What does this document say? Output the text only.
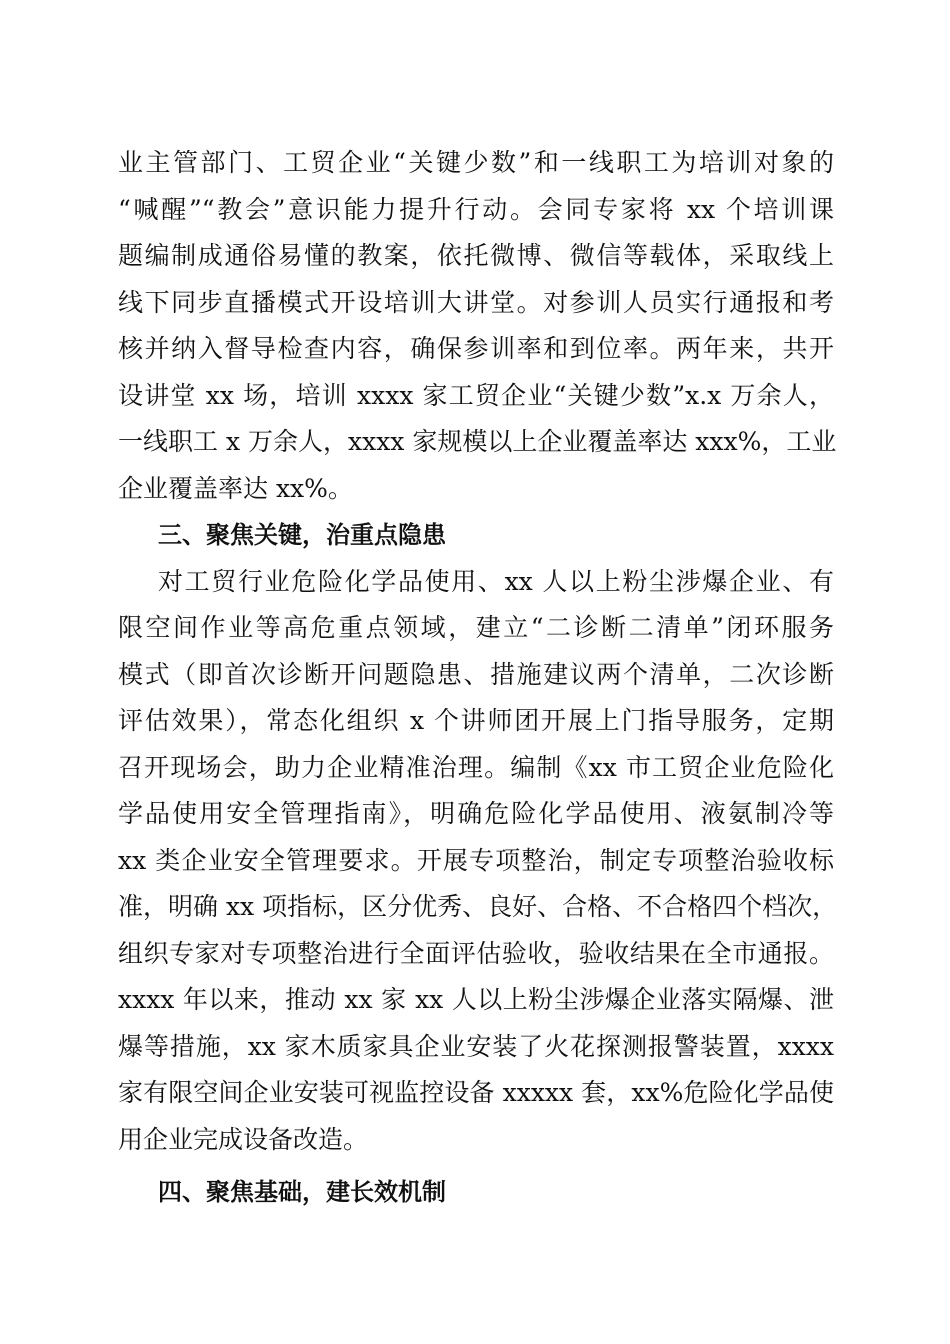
业主管部门、工贸企业“关键少数”和一线职工为培训对象的
“喊醒”“教会”意识能力提升行动。会同专家将 xx 个培训课
题编制成通俗易懂的教案，依托微博、微信等载体，采取线上
线下同步直播模式开设培训大讲堂。对参训人员实行通报和考
核并纳入督导检查内容，确保参训率和到位率。两年来，共开
设讲堂 xx 场，培训 xxxx 家工贸企业“关键少数”x.x 万余人，
一线职工 x 万余人，xxxx 家规模以上企业覆盖率达 xxx%，工业
企业覆盖率达 xx%。
三、聚焦关键，治重点隐患
对工贸行业危险化学品使用、xx 人以上粉尘涉爆企业、有
限空间作业等高危重点领域，建立“二诊断二清单”闭环服务
模式（即首次诊断开问题隐患、措施建议两个清单，二次诊断
评估效果），常态化组织 x 个讲师团开展上门指导服务，定期
召开现场会，助力企业精准治理。编制《xx 市工贸企业危险化
学品使用安全管理指南》，明确危险化学品使用、液氨制冷等
xx 类企业安全管理要求。开展专项整治，制定专项整治验收标
准，明确 xx 项指标，区分优秀、良好、合格、不合格四个档次，
组织专家对专项整治进行全面评估验收，验收结果在全市通报。
xxxx 年以来，推动 xx 家 xx 人以上粉尘涉爆企业落实隔爆、泄
爆等措施，xx 家木质家具企业安装了火花探测报警装置，xxxx
家有限空间企业安装可视监控设备 xxxxx 套，xx%危险化学品使
用企业完成设备改造。
四、聚焦基础，建长效机制
